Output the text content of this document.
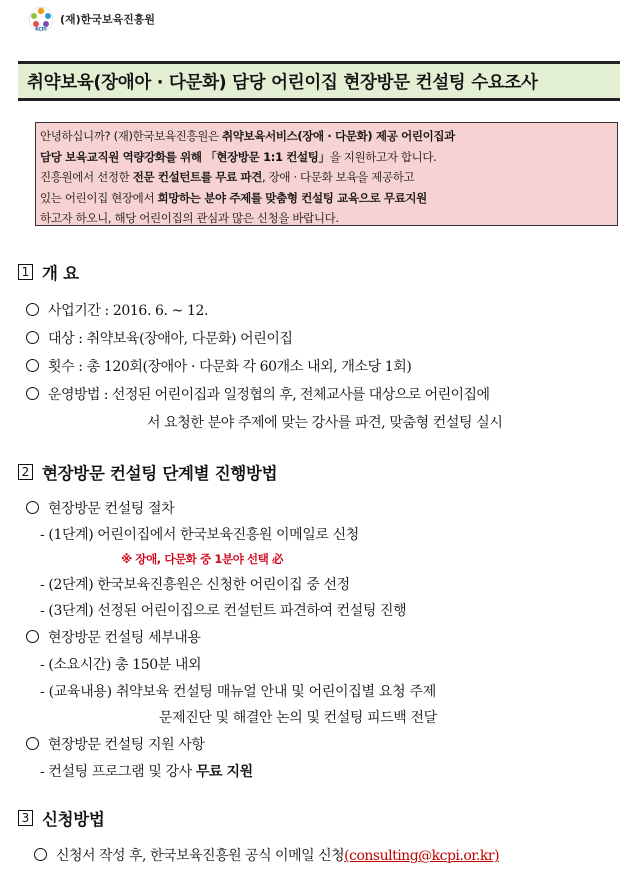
KCPI
(재)한국보육진흥원
취약보육(장애아 · 다문화) 담당 어린이집 현장방문 컨설팅 수요조사
안녕하십니까? (재)한국보육진흥원은 취약보육서비스(장애 · 다문화) 제공 어린이집과
담당 보육교직원 역량강화를 위해 「현장방문 1:1 컨설팅」을 지원하고자 합니다.
진흥원에서 선정한 전문 컨설턴트를 무료 파견, 장애 · 다문화 보육을 제공하고
있는 어린이집 현장에서 희망하는 분야 주제를 맞춤형 컨설팅 교육으로 무료지원
하고자 하오니, 해당 어린이집의 관심과 많은 신청을 바랍니다.
1 개 요
사업기간 : 2016. 6. ~ 12.
대상 : 취약보육(장애아, 다문화) 어린이집
횟수 : 총 120회(장애아 · 다문화 각 60개소 내외, 개소당 1회)
운영방법 : 선정된 어린이집과 일정협의 후, 전체교사를 대상으로 어린이집에
서 요청한 분야 주제에 맞는 강사를 파견, 맞춤형 컨설팅 실시
2 현장방문 컨설팅 단계별 진행방법
현장방문 컨설팅 절차
- (1단계) 어린이집에서 한국보육진흥원 이메일로 신청
※ 장애, 다문화 중 1분야 선택 必
- (2단계) 한국보육진흥원은 신청한 어린이집 중 선정
- (3단계) 선정된 어린이집으로 컨설턴트 파견하여 컨설팅 진행
현장방문 컨설팅 세부내용
- (소요시간) 총 150분 내외
- (교육내용) 취약보육 컨설팅 매뉴얼 안내 및 어린이집별 요청 주제
문제진단 및 해결안 논의 및 컨설팅 피드백 전달
현장방문 컨설팅 지원 사항
- 컨설팅 프로그램 및 강사 무료 지원
3 신청방법
신청서 작성 후, 한국보육진흥원 공식 이메일 신청(consulting@kcpi.or.kr)
